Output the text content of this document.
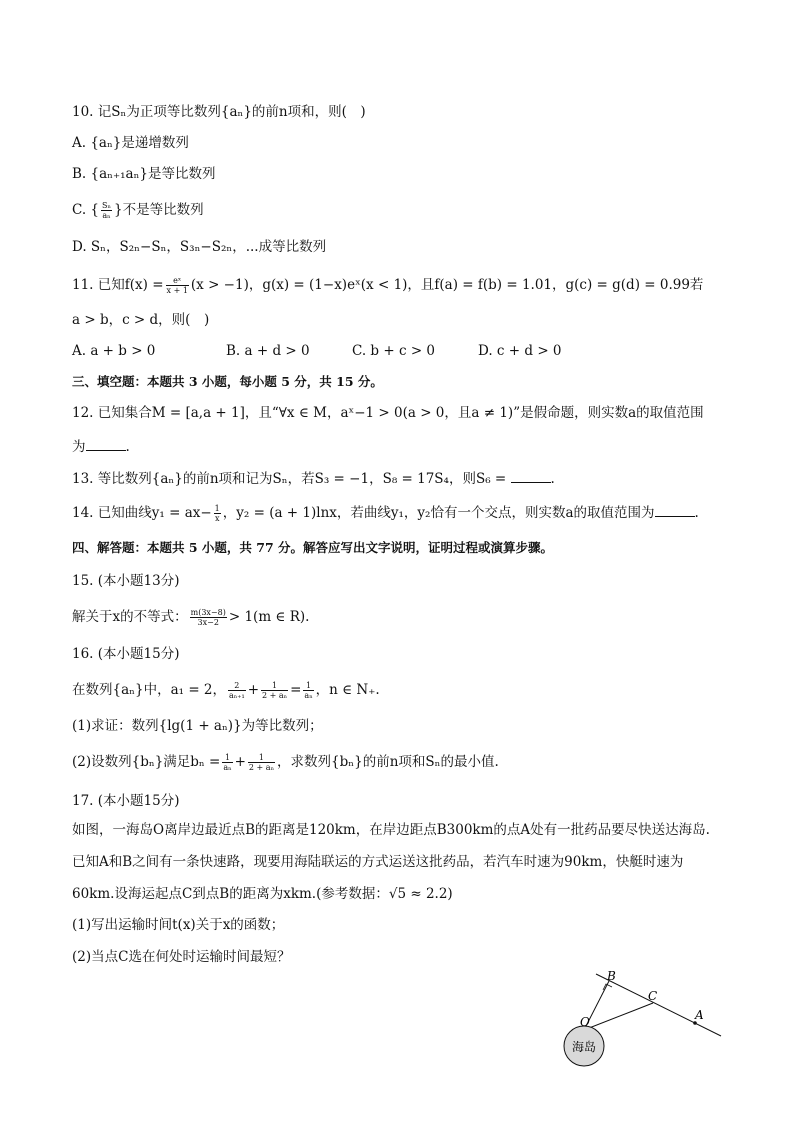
10. 记Sₙ为正项等比数列{aₙ}的前n项和，则(　)
A. {aₙ}是递增数列
B. {aₙ₊₁aₙ}是等比数列
C. { $\frac{\text{Sₙ}}{\text{aₙ}}$ }不是等比数列
D. Sₙ，S₂ₙ−Sₙ，S₃ₙ−S₂ₙ，...成等比数列
11. 已知$f(x) = \frac{\text{eˣ}}{x + 1} (x > -1)$，g(x) = (1−x)eˣ(x < 1)，且f(a) = f(b) = 1.01，g(c) = g(d) = 0.99若
a > b，c > d，则(　)
A. a + b > 0	B. a + d > 0	C. b + c > 0	D. c + d > 0
三、填空题：本题共 3 小题，每小题 5 分，共 15 分。
12. 已知集合M = [a,a + 1]，且“∀x ∈ M，aˣ−1 > 0(a > 0，且a ≠ 1)”是假命题，则实数a的取值范围
为	.
13. 等比数列{aₙ}的前n项和记为Sₙ，若S₃ = −1，S₈ = 17S₄，则S₆ =	.
14. 已知曲线$y_1 = ax- \frac{1}{x}$ ，y₂ = (a + 1)lnx，若曲线y₁，y₂恰有一个交点，则实数a的取值范围为	.
四、解答题：本题共 5 小题，共 77 分。解答应写出文字说明，证明过程或演算步骤。
15. (本小题13分)
解关于x的不等式： $\frac{m(3x-8)}{3x-2} > 1(m$ ∈ R).
16. (本小题15分)
在数列{aₙ}中，a₁ = 2， $\frac{2}{\text{aₙ₊₁}} + \frac{1}{\text{2 + aₙ}} = \frac{1}{\text{aₙ}}$ ，n ∈ N₊.
(1)求证：数列{lg(1 + aₙ)}为等比数列；
(2)设数列{bₙ}满足$b_n = \frac{1}{\text{aₙ}} + \frac{1}{\text{2 + aₙ}}$ ，求数列{bₙ}的前n项和Sₙ的最小值.
17. (本小题15分)
如图，一海岛O离岸边最近点B的距离是120km，在岸边距点B300km的点A处有一批药品要尽快送达海岛.
已知A和B之间有一条快速路，现要用海陆联运的方式运送这批药品，若汽车时速为90km，快艇时速为
60km.设海运起点C到点B的距离为xkm.(参考数据：√5 ≈ 2.2)
(1)写出运输时间t(x)关于x的函数；
(2)当点C选在何处时运输时间最短？
B
C
A
O
海岛
